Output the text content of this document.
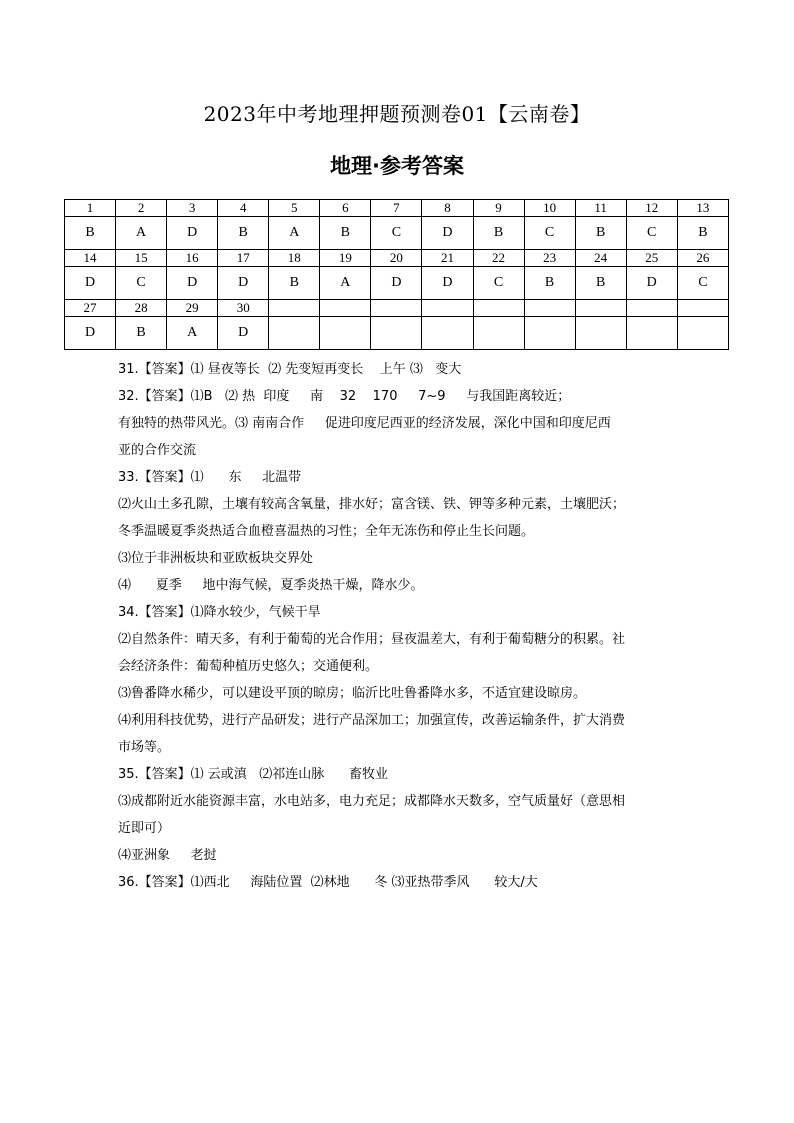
2023年中考地理押题预测卷01【云南卷】
地理·参考答案
1	2	3	4	5	6	7	8	9	10	11	12	13
B	A	D	B	A	B	C	D	B	C	B	C	B
14	15	16	17	18	19	20	21	22	23	24	25	26
D	C	D	D	B	A	D	D	C	B	B	D	C
27	28	29	30									
D	B	A	D									

31.【答案】⑴ 昼夜等长  ⑵ 先变短再变长    上午 ⑶   变大

32.【答案】⑴B   ⑵ 热  印度     南    32    170     7~9     与我国距离较近；

有独特的热带风光。⑶ 南南合作     促进印度尼西亚的经济发展，深化中国和印度尼西

亚的合作交流

33.【答案】⑴      东     北温带

⑵火山土多孔隙，土壤有较高含氧量，排水好；富含镁、铁、钾等多种元素，土壤肥沃；

冬季温暖夏季炎热适合血橙喜温热的习性；全年无冻伤和停止生长问题。

⑶位于非洲板块和亚欧板块交界处

⑷      夏季     地中海气候，夏季炎热干燥，降水少。

34.【答案】⑴降水较少，气候干旱

⑵自然条件：晴天多，有利于葡萄的光合作用；昼夜温差大，有利于葡萄糖分的积累。社

会经济条件：葡萄种植历史悠久；交通便利。

⑶鲁番降水稀少，可以建设平顶的晾房；临沂比吐鲁番降水多，不适宜建设晾房。

⑷利用科技优势，进行产品研发；进行产品深加工；加强宣传，改善运输条件，扩大消费

市场等。

35.【答案】⑴ 云或滇   ⑵祁连山脉      畜牧业

⑶成都附近水能资源丰富，水电站多，电力充足；成都降水天数多，空气质量好（意思相

近即可）

⑷亚洲象     老挝

36.【答案】⑴西北     海陆位置  ⑵林地      冬 ⑶亚热带季风      较大/大
